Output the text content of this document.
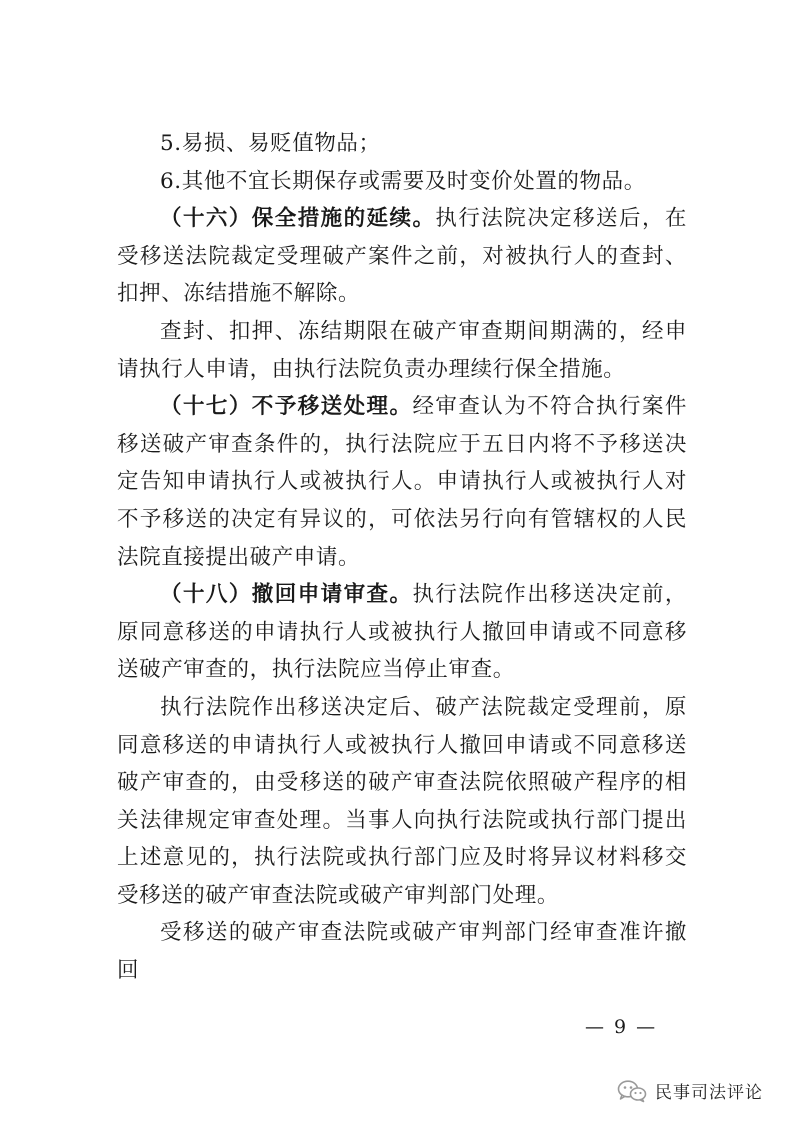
5.易损、易贬值物品；

6.其他不宜长期保存或需要及时变价处置的物品。

（十六）保全措施的延续。执行法院决定移送后，在受移送法院裁定受理破产案件之前，对被执行人的查封、扣押、冻结措施不解除。

查封、扣押、冻结期限在破产审查期间期满的，经申请执行人申请，由执行法院负责办理续行保全措施。

（十七）不予移送处理。经审查认为不符合执行案件移送破产审查条件的，执行法院应于五日内将不予移送决定告知申请执行人或被执行人。申请执行人或被执行人对不予移送的决定有异议的，可依法另行向有管辖权的人民法院直接提出破产申请。

（十八）撤回申请审查。执行法院作出移送决定前，原同意移送的申请执行人或被执行人撤回申请或不同意移送破产审查的，执行法院应当停止审查。

执行法院作出移送决定后、破产法院裁定受理前，原同意移送的申请执行人或被执行人撤回申请或不同意移送破产审查的，由受移送的破产审查法院依照破产程序的相关法律规定审查处理。当事人向执行法院或执行部门提出上述意见的，执行法院或执行部门应及时将异议材料移交受移送的破产审查法院或破产审判部门处理。

受移送的破产审查法院或破产审判部门经审查准许撤回

— 9 —
民事司法评论
